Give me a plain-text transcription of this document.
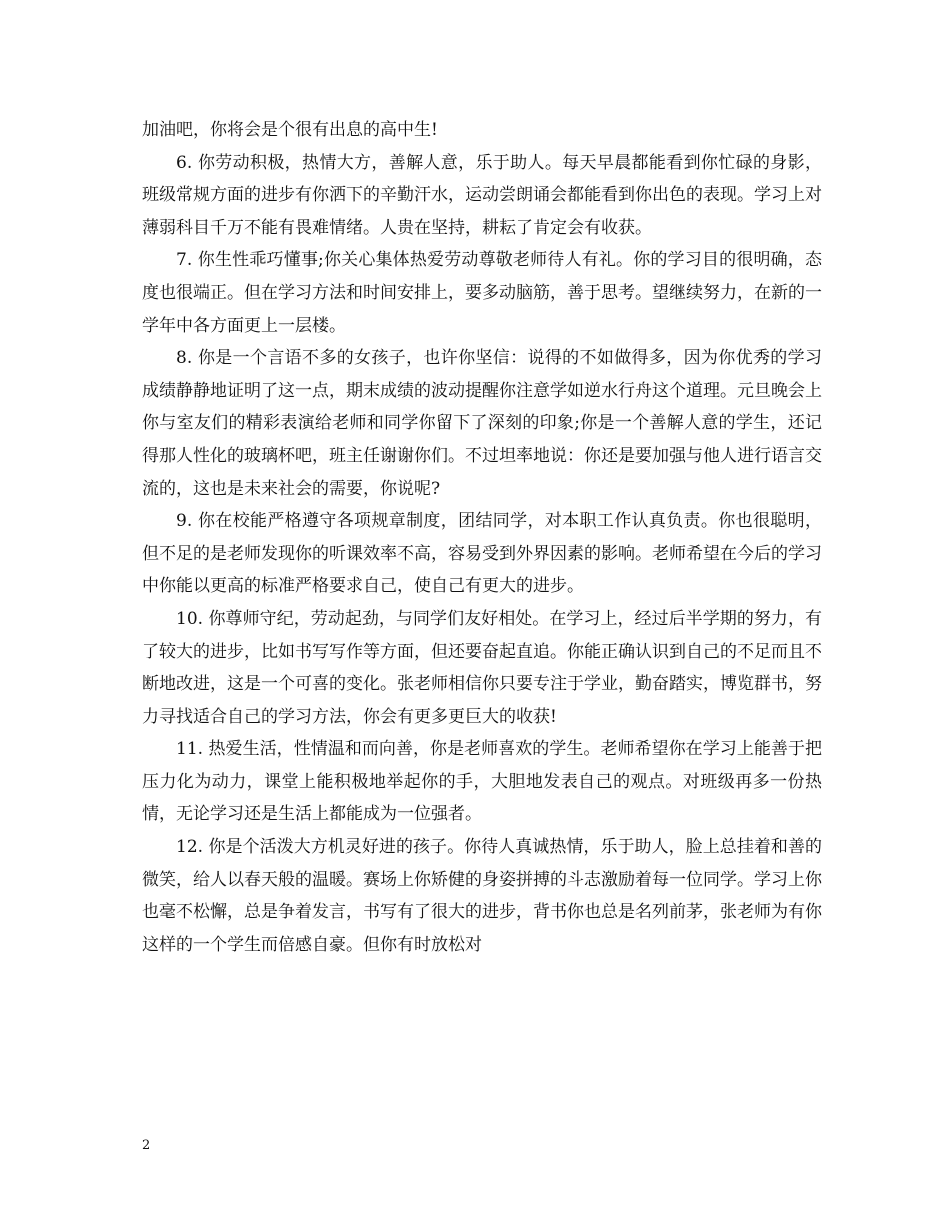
加油吧，你将会是个很有出息的高中生!

6. 你劳动积极，热情大方，善解人意，乐于助人。每天早晨都能看到你忙碌的身影，班级常规方面的进步有你洒下的辛勤汗水，运动尝朗诵会都能看到你出色的表现。学习上对薄弱科目千万不能有畏难情绪。人贵在坚持，耕耘了肯定会有收获。

7. 你生性乖巧懂事;你关心集体热爱劳动尊敬老师待人有礼。你的学习目的很明确，态度也很端正。但在学习方法和时间安排上，要多动脑筋，善于思考。望继续努力，在新的一学年中各方面更上一层楼。

8. 你是一个言语不多的女孩子，也许你坚信：说得的不如做得多，因为你优秀的学习成绩静静地证明了这一点，期末成绩的波动提醒你注意学如逆水行舟这个道理。元旦晚会上你与室友们的精彩表演给老师和同学你留下了深刻的印象;你是一个善解人意的学生，还记得那人性化的玻璃杯吧，班主任谢谢你们。不过坦率地说：你还是要加强与他人进行语言交流的，这也是未来社会的需要，你说呢?

9. 你在校能严格遵守各项规章制度，团结同学，对本职工作认真负责。你也很聪明，但不足的是老师发现你的听课效率不高，容易受到外界因素的影响。老师希望在今后的学习中你能以更高的标准严格要求自己，使自己有更大的进步。

10. 你尊师守纪，劳动起劲，与同学们友好相处。在学习上，经过后半学期的努力，有了较大的进步，比如书写写作等方面，但还要奋起直追。你能正确认识到自己的不足而且不断地改进，这是一个可喜的变化。张老师相信你只要专注于学业，勤奋踏实，博览群书，努力寻找适合自己的学习方法，你会有更多更巨大的收获!

11. 热爱生活，性情温和而向善，你是老师喜欢的学生。老师希望你在学习上能善于把压力化为动力，课堂上能积极地举起你的手，大胆地发表自己的观点。对班级再多一份热情，无论学习还是生活上都能成为一位强者。

12. 你是个活泼大方机灵好进的孩子。你待人真诚热情，乐于助人，脸上总挂着和善的微笑，给人以春天般的温暖。赛场上你矫健的身姿拼搏的斗志激励着每一位同学。学习上你也毫不松懈，总是争着发言，书写有了很大的进步，背书你也总是名列前茅，张老师为有你这样的一个学生而倍感自豪。但你有时放松对

2
